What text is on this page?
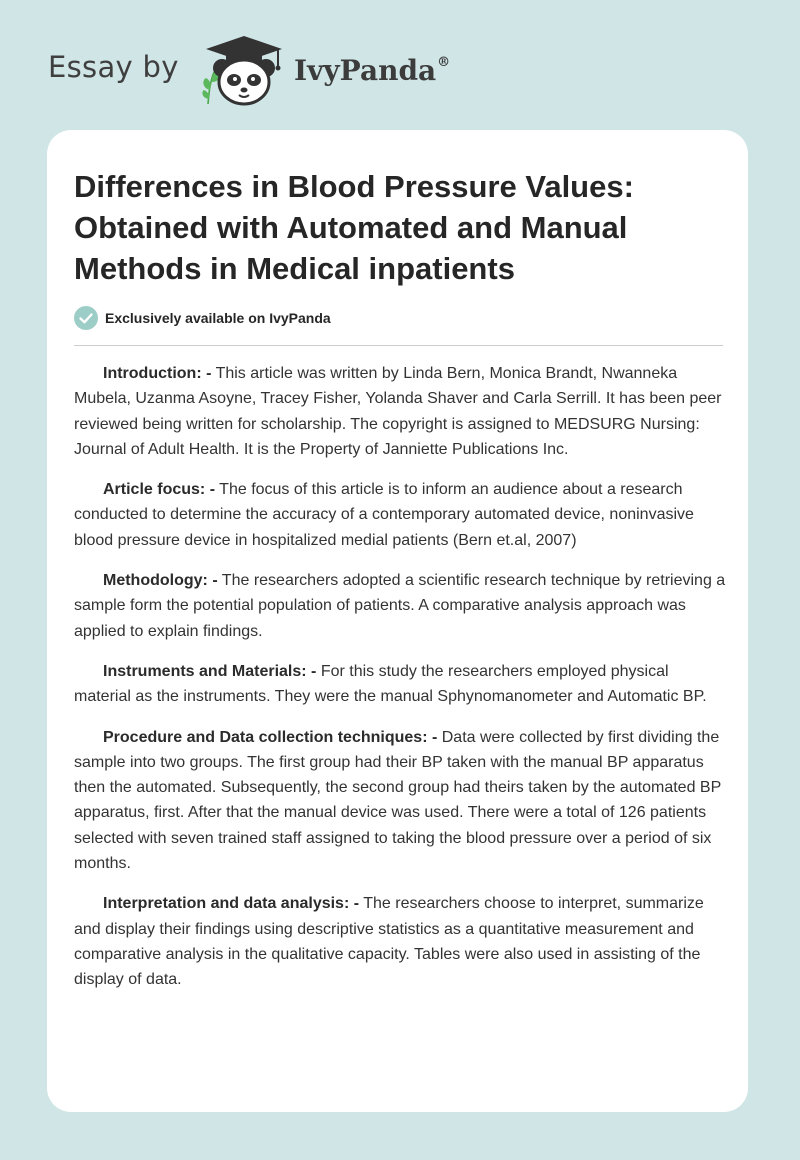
Essay by	IvyPanda®
Differences in Blood Pressure Values: Obtained with Automated and Manual Methods in Medical inpatients
Exclusively available on IvyPanda

Introduction: - This article was written by Linda Bern, Monica Brandt, Nwanneka Mubela, Uzanma Asoyne, Tracey Fisher, Yolanda Shaver and Carla Serrill. It has been peer reviewed being written for scholarship. The copyright is assigned to MEDSURG Nursing: Journal of Adult Health. It is the Property of Janniette Publications Inc.

Article focus: - The focus of this article is to inform an audience about a research conducted to determine the accuracy of a contemporary automated device, noninvasive blood pressure device in hospitalized medial patients (Bern et.al, 2007)

Methodology: - The researchers adopted a scientific research technique by retrieving a sample form the potential population of patients. A comparative analysis approach was applied to explain findings.

Instruments and Materials: - For this study the researchers employed physical material as the instruments. They were the manual Sphynomanometer and Automatic BP.

Procedure and Data collection techniques: - Data were collected by first dividing the sample into two groups. The first group had their BP taken with the manual BP apparatus then the automated. Subsequently, the second group had theirs taken by the automated BP apparatus, first. After that the manual device was used. There were a total of 126 patients selected with seven trained staff assigned to taking the blood pressure over a period of six months.

Interpretation and data analysis: - The researchers choose to interpret, summarize and display their findings using descriptive statistics as a quantitative measurement and comparative analysis in the qualitative capacity. Tables were also used in assisting of the display of data.
